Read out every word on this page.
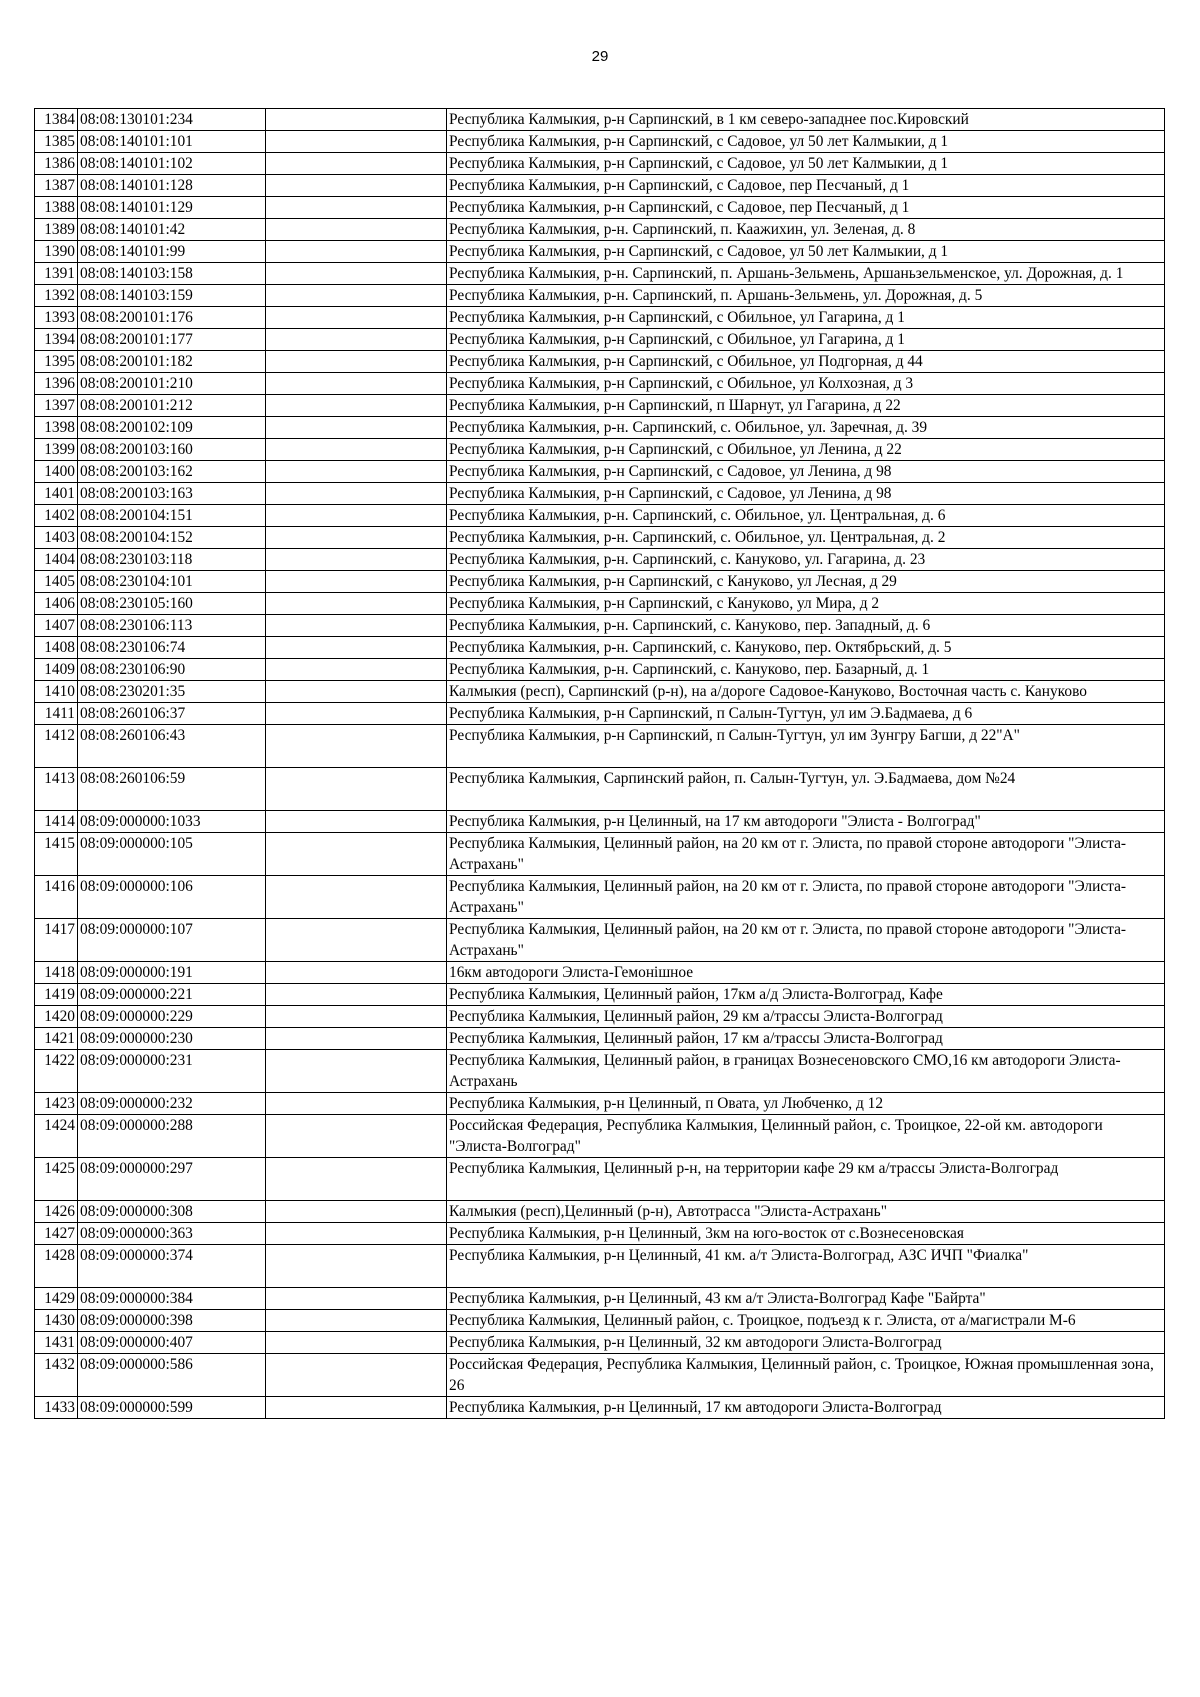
29
1384	08:08:130101:234		Республика Калмыкия, р-н Сарпинский, в 1 км северо-западнее пос.Кировский
1385	08:08:140101:101		Республика Калмыкия, р-н Сарпинский, с Садовое, ул 50 лет Калмыкии, д 1
1386	08:08:140101:102		Республика Калмыкия, р-н Сарпинский, с Садовое, ул 50 лет Калмыкии, д 1
1387	08:08:140101:128		Республика Калмыкия, р-н Сарпинский, с Садовое, пер Песчаный, д 1
1388	08:08:140101:129		Республика Калмыкия, р-н Сарпинский, с Садовое, пер Песчаный, д 1
1389	08:08:140101:42		Республика Калмыкия, р-н. Сарпинский, п. Каажихин, ул. Зеленая, д. 8
1390	08:08:140101:99		Республика Калмыкия, р-н Сарпинский, с Садовое, ул 50 лет Калмыкии, д 1
1391	08:08:140103:158		Республика Калмыкия, р-н. Сарпинский, п. Аршань-Зельмень, Аршаньзельменское, ул. Дорожная, д. 1
1392	08:08:140103:159		Республика Калмыкия, р-н. Сарпинский, п. Аршань-Зельмень, ул. Дорожная, д. 5
1393	08:08:200101:176		Республика Калмыкия, р-н Сарпинский, с Обильное, ул Гагарина, д 1
1394	08:08:200101:177		Республика Калмыкия, р-н Сарпинский, с Обильное, ул Гагарина, д 1
1395	08:08:200101:182		Республика Калмыкия, р-н Сарпинский, с Обильное, ул Подгорная, д 44
1396	08:08:200101:210		Республика Калмыкия, р-н Сарпинский, с Обильное, ул Колхозная, д 3
1397	08:08:200101:212		Республика Калмыкия, р-н Сарпинский, п Шарнут, ул Гагарина, д 22
1398	08:08:200102:109		Республика Калмыкия, р-н. Сарпинский, с. Обильное, ул. Заречная, д. 39
1399	08:08:200103:160		Республика Калмыкия, р-н Сарпинский, с Обильное, ул Ленина, д 22
1400	08:08:200103:162		Республика Калмыкия, р-н Сарпинский, с Садовое, ул Ленина, д 98
1401	08:08:200103:163		Республика Калмыкия, р-н Сарпинский, с Садовое, ул Ленина, д 98
1402	08:08:200104:151		Республика Калмыкия, р-н. Сарпинский, с. Обильное, ул. Центральная, д. 6
1403	08:08:200104:152		Республика Калмыкия, р-н. Сарпинский, с. Обильное, ул. Центральная, д. 2
1404	08:08:230103:118		Республика Калмыкия, р-н. Сарпинский, с. Кануково, ул. Гагарина, д. 23
1405	08:08:230104:101		Республика Калмыкия, р-н Сарпинский, с Кануково, ул Лесная, д 29
1406	08:08:230105:160		Республика Калмыкия, р-н Сарпинский, с Кануково, ул Мира, д 2
1407	08:08:230106:113		Республика Калмыкия, р-н. Сарпинский, с. Кануково, пер. Западный, д. 6
1408	08:08:230106:74		Республика Калмыкия, р-н. Сарпинский, с. Кануково, пер. Октябрьский, д. 5
1409	08:08:230106:90		Республика Калмыкия, р-н. Сарпинский, с. Кануково, пер. Базарный, д. 1
1410	08:08:230201:35		Калмыкия (респ), Сарпинский (р-н), на а/дороге Садовое-Кануково, Восточная часть с. Кануково
1411	08:08:260106:37		Республика Калмыкия, р-н Сарпинский, п Салын-Тугтун, ул им Э.Бадмаева, д 6
1412	08:08:260106:43		Республика Калмыкия, р-н Сарпинский, п Салын-Тугтун, ул им Зунгру Багши, д 22"А"
1413	08:08:260106:59		Республика Калмыкия, Сарпинский район, п. Салын-Тугтун, ул. Э.Бадмаева, дом №24
1414	08:09:000000:1033		Республика Калмыкия, р-н Целинный, на 17 км автодороги "Элиста - Волгоград"
1415	08:09:000000:105		Республика Калмыкия, Целинный район, на 20 км от г. Элиста, по правой стороне автодороги "Элиста-Астрахань"
1416	08:09:000000:106		Республика Калмыкия, Целинный район, на 20 км от г. Элиста, по правой стороне автодороги "Элиста-Астрахань"
1417	08:09:000000:107		Республика Калмыкия, Целинный район, на 20 км от г. Элиста, по правой стороне автодороги "Элиста-Астрахань"
1418	08:09:000000:191		16км автодороги Элиста-Гемонішное
1419	08:09:000000:221		Республика Калмыкия, Целинный район, 17км а/д Элиста-Волгоград, Кафе
1420	08:09:000000:229		Республика Калмыкия, Целинный район, 29 км а/трассы Элиста-Волгоград
1421	08:09:000000:230		Республика Калмыкия, Целинный район, 17 км а/трассы Элиста-Волгоград
1422	08:09:000000:231		Республика Калмыкия, Целинный район, в границах Вознесеновского СМО,16 км автодороги Элиста-Астрахань
1423	08:09:000000:232		Республика Калмыкия, р-н Целинный, п Овата, ул Любченко, д 12
1424	08:09:000000:288		Российская Федерация, Республика Калмыкия, Целинный район, с. Троицкое, 22-ой км. автодороги "Элиста-Волгоград"
1425	08:09:000000:297		Республика Калмыкия, Целинный р-н, на территории кафе 29 км а/трассы Элиста-Волгоград
1426	08:09:000000:308		Калмыкия (респ),Целинный (р-н), Автотрасса "Элиста-Астрахань"
1427	08:09:000000:363		Республика Калмыкия, р-н Целинный, 3км на юго-восток от с.Вознесеновская
1428	08:09:000000:374		Республика Калмыкия, р-н Целинный, 41 км. а/т Элиста-Волгоград, АЗС ИЧП "Фиалка"
1429	08:09:000000:384		Республика Калмыкия, р-н Целинный, 43 км а/т Элиста-Волгоград Кафе "Байрта"
1430	08:09:000000:398		Республика Калмыкия, Целинный район, с. Троицкое, подъезд к г. Элиста, от а/магистрали М-6
1431	08:09:000000:407		Республика Калмыкия, р-н Целинный, 32 км автодороги Элиста-Волгоград
1432	08:09:000000:586		Российская Федерация, Республика Калмыкия, Целинный район, с. Троицкое, Южная промышленная зона, 26
1433	08:09:000000:599		Республика Калмыкия, р-н Целинный, 17 км автодороги Элиста-Волгоград
